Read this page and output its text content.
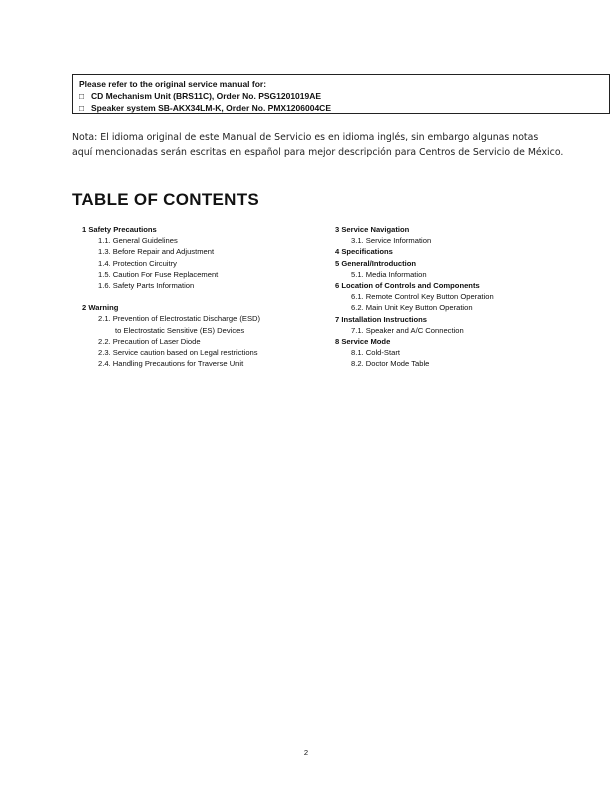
Please refer to the original service manual for:
□ CD Mechanism Unit (BRS11C), Order No. PSG1201019AE
□ Speaker system SB-AKX34LM-K, Order No. PMX1206004CE
Nota: El idioma original de este Manual de Servicio es en idioma inglés, sin embargo algunas notas
aquí mencionadas serán escritas en español para mejor descripción para Centros de Servicio de México.
TABLE OF CONTENTS
1 Safety Precautions
1.1. General Guidelines
1.3. Before Repair and Adjustment
1.4. Protection Circuitry
1.5. Caution For Fuse Replacement
1.6. Safety Parts Information
2 Warning
2.1. Prevention of Electrostatic Discharge (ESD)
to Electrostatic Sensitive (ES) Devices
2.2. Precaution of Laser Diode
2.3. Service caution based on Legal restrictions
2.4. Handling Precautions for Traverse Unit
3 Service Navigation
3.1. Service Information
4 Specifications
5 General/Introduction
5.1. Media Information
6 Location of Controls and Components
6.1. Remote Control Key Button Operation
6.2. Main Unit Key Button Operation
7 Installation Instructions
7.1. Speaker and A/C Connection
8 Service Mode
8.1. Cold-Start
8.2. Doctor Mode Table
2
